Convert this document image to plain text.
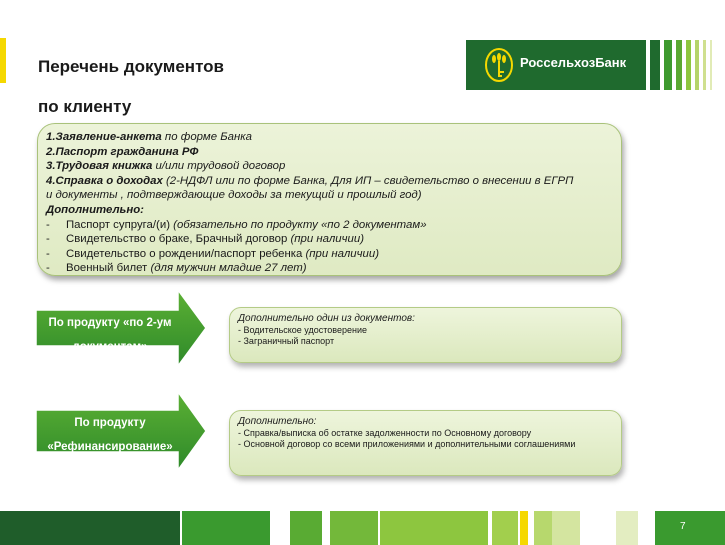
Перечень документов
по клиенту
РоссельхозБанк
1.Заявление-анкета по форме Банка
2.Паспорт гражданина РФ
3.Трудовая книжка и/или трудовой договор
4.Справка о доходах (2-НДФЛ или по форме Банка, Для ИП – свидетельство о внесении в ЕГРП
и документы , подтверждающие доходы за текущий и прошлый год)
Дополнительно:
- Паспорт супруга/(и) (обязательно по продукту «по 2 документам»
- Свидетельство о браке, Брачный договор (при наличии)
- Свидетельство о рождении/паспорт ребенка (при наличии)
- Военный билет (для мужчин младше 27 лет)
По продукту «по 2-ум
документам»
Дополнительно один из документов:
- Водительское удостоверение
- Заграничный паспорт
По продукту
«Рефинансирование»
Дополнительно:
- Справка/выписка об остатке задолженности по Основному договору
- Основной договор со всеми приложениями и дополнительными соглашениями
7
